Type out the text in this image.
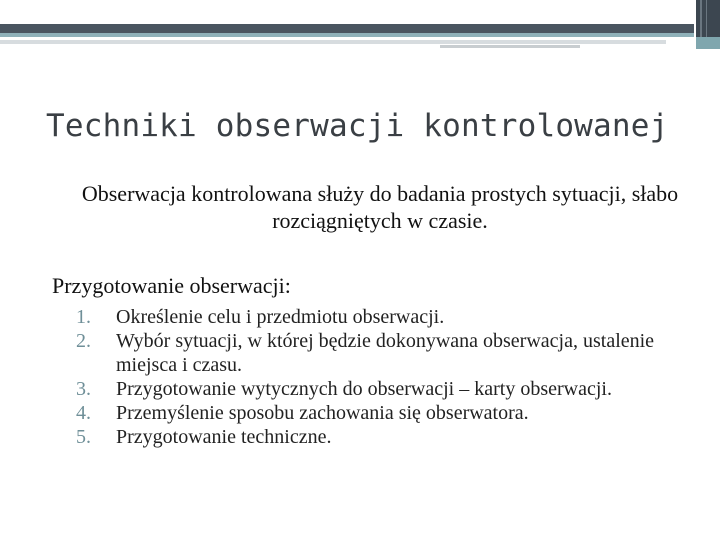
Techniki obserwacji kontrolowanej
Obserwacja kontrolowana służy do badania prostych sytuacji, słabo rozciągniętych w czasie.
Przygotowanie obserwacji:
1. Określenie celu i przedmiotu obserwacji.
2. Wybór sytuacji, w której będzie dokonywana obserwacja, ustalenie miejsca i czasu.
3. Przygotowanie wytycznych do obserwacji – karty obserwacji.
4. Przemyślenie sposobu zachowania się obserwatora.
5. Przygotowanie techniczne.
